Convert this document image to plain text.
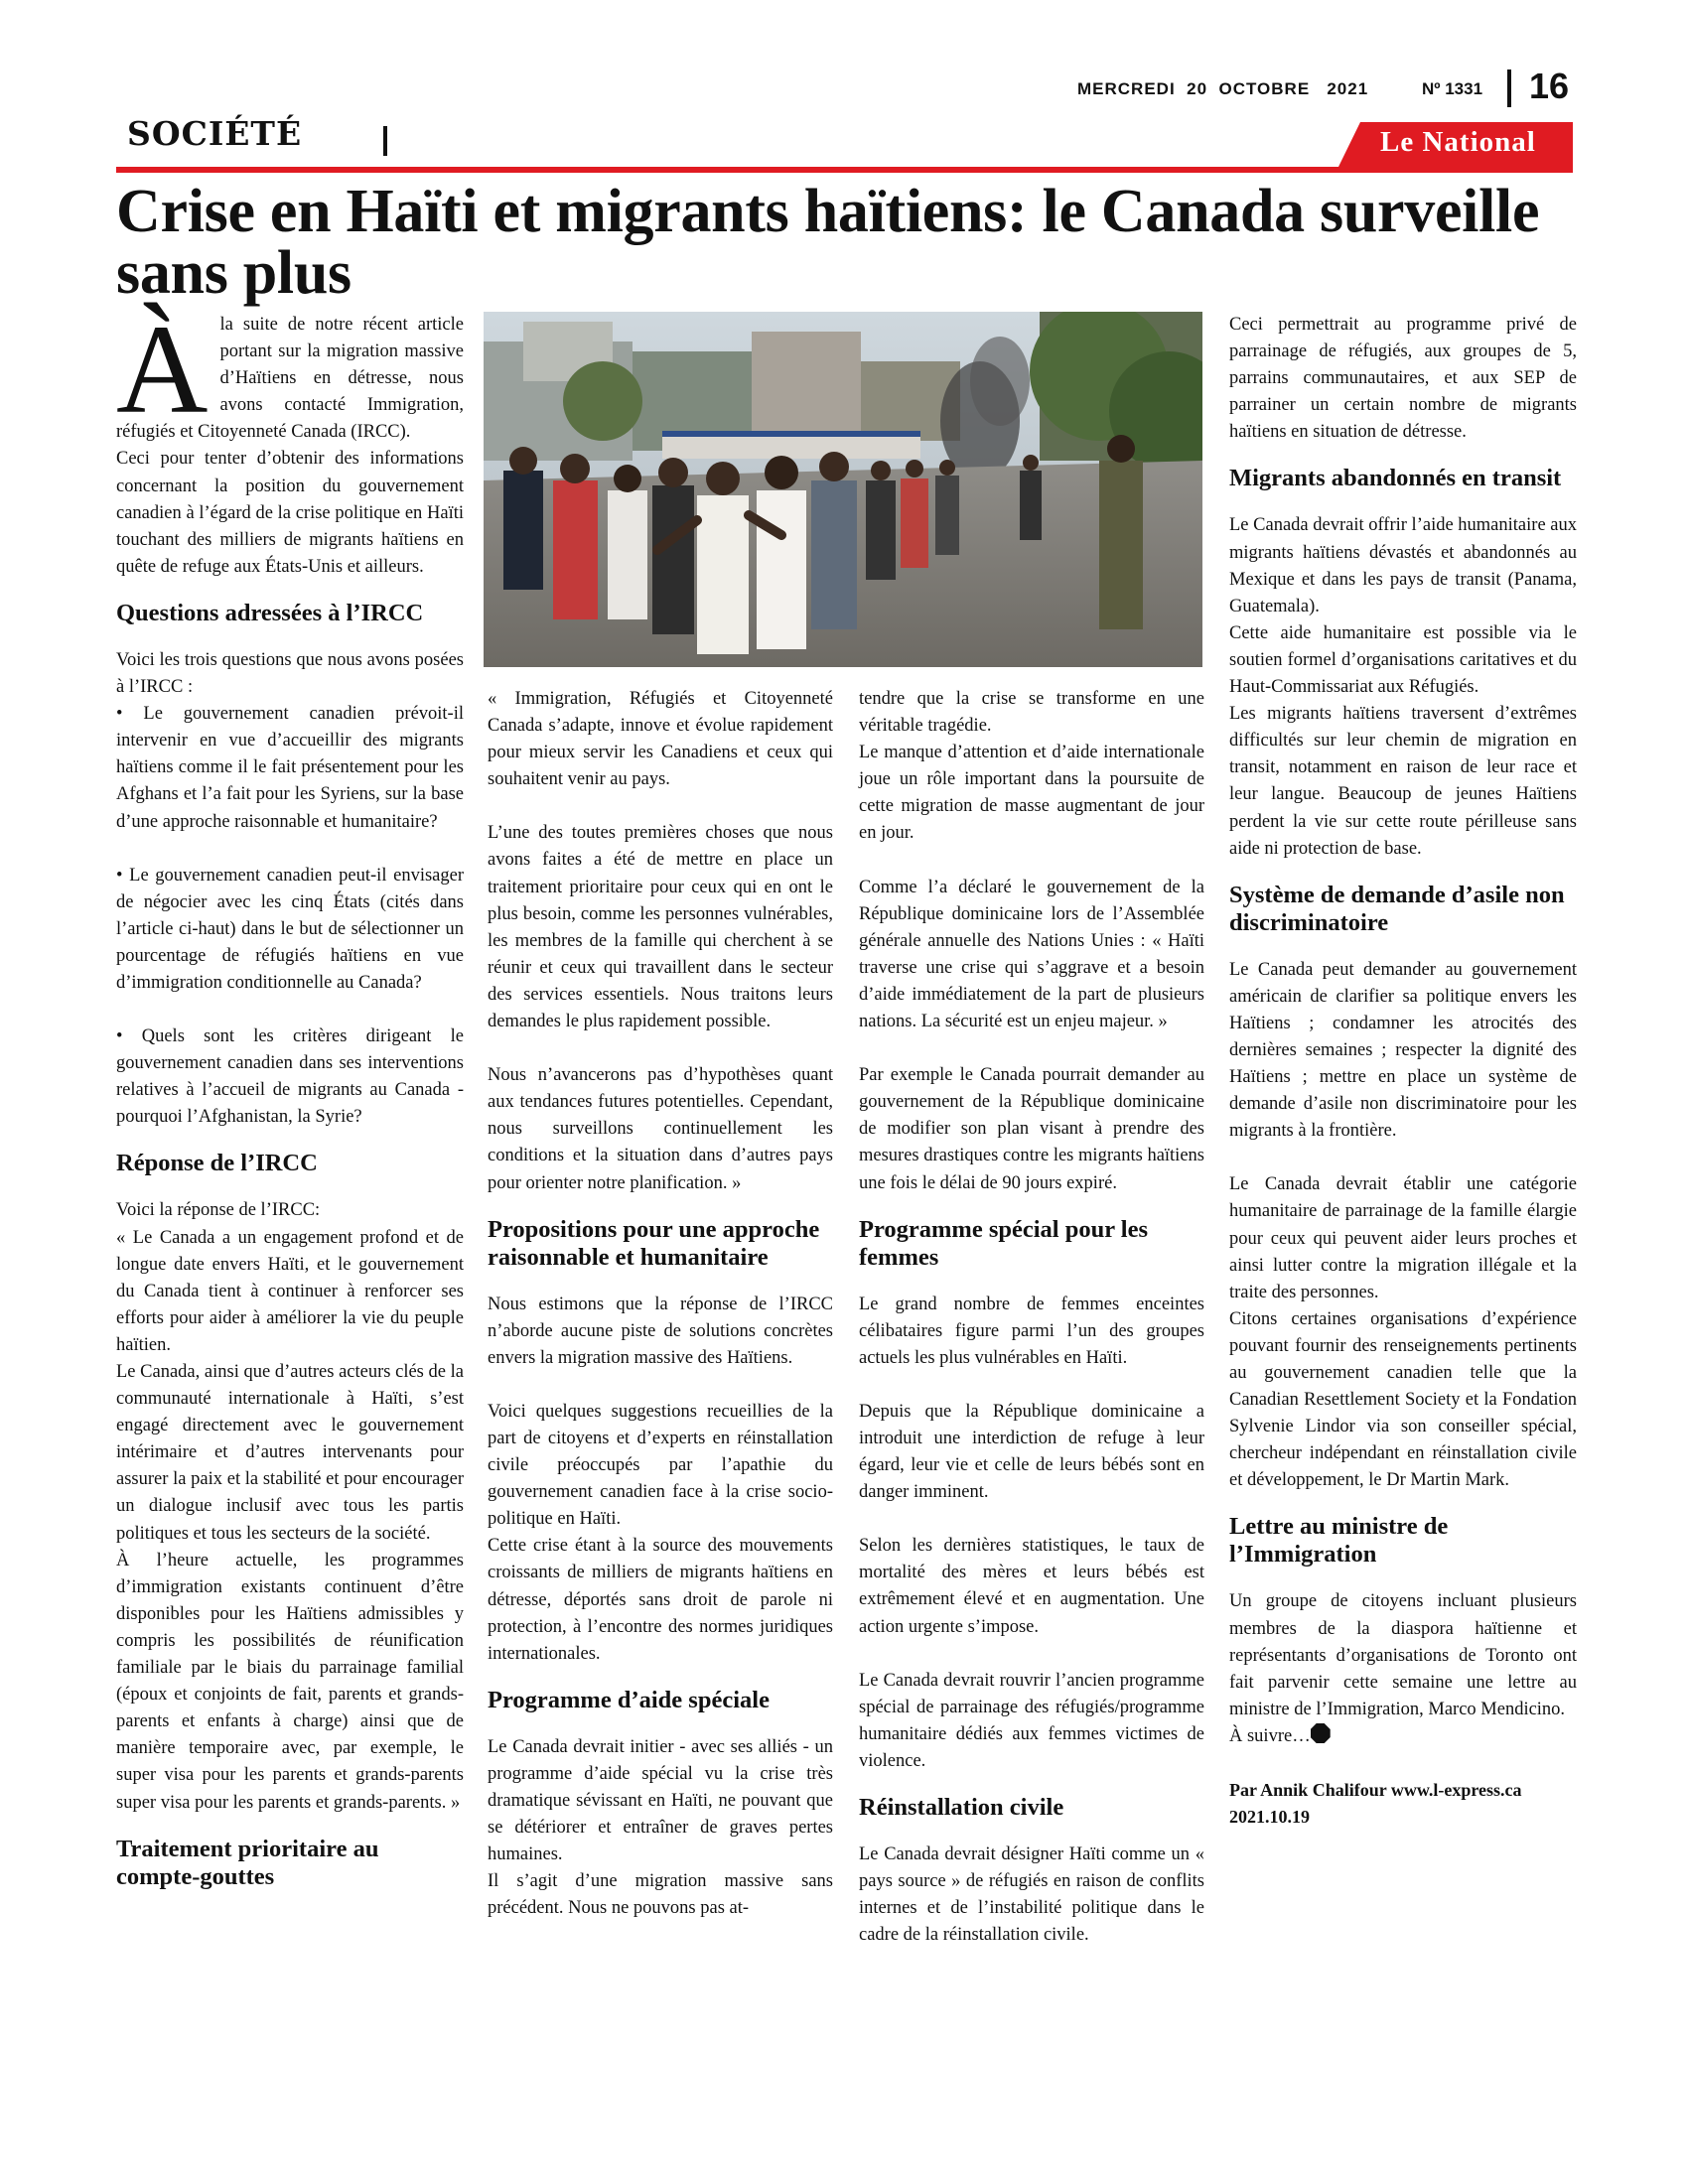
MERCREDI  20  OCTOBRE   2021	Nº 1331 16
SOCIÉTÉ	Le National
Crise en Haïti et migrants haïtiens: le Canada surveille sans plus

Àla suite de notre récent article portant sur la migration massive d’Haïtiens en détresse, nous avons contacté Immigration, réfugiés et Citoyenneté Canada (IRCC).

Ceci pour tenter d’obtenir des informations concernant la position du gouvernement canadien à l’égard de la crise politique en Haïti touchant des milliers de migrants haïtiens en quête de refuge aux États-Unis et ailleurs.

Questions adressées à l’IRCC

Voici les trois questions que nous avons posées à l’IRCC :

• Le gouvernement canadien prévoit-il intervenir en vue d’accueillir des migrants haïtiens comme il le fait présentement pour les Afghans et l’a fait pour les Syriens, sur la base d’une approche raisonnable et humanitaire?

• Le gouvernement canadien peut-il envisager de négocier avec les cinq États (cités dans l’article ci-haut) dans le but de sélectionner un pourcentage de réfugiés haïtiens en vue d’immigration conditionnelle au Canada?

• Quels sont les critères dirigeant le gouvernement canadien dans ses interventions relatives à l’accueil de migrants au Canada - pourquoi l’Afghanistan, la Syrie?

Réponse de l’IRCC

Voici la réponse de l’IRCC:

« Le Canada a un engagement profond et de longue date envers Haïti, et le gouvernement du Canada tient à continuer à renforcer ses efforts pour aider à améliorer la vie du peuple haïtien.

Le Canada, ainsi que d’autres acteurs clés de la communauté internationale à Haïti, s’est engagé directement avec le gouvernement intérimaire et d’autres intervenants pour assurer la paix et la stabilité et pour encourager un dialogue inclusif avec tous les partis politiques et tous les secteurs de la société.

À l’heure actuelle, les programmes d’immigration existants continuent d’être disponibles pour les Haïtiens admissibles y compris les possibilités de réunification familiale par le biais du parrainage familial (époux et conjoints de fait, parents et grands-parents et enfants à charge) ainsi que de manière temporaire avec, par exemple, le super visa pour les parents et grands-parents super visa pour les parents et grands-parents. »

Traitement prioritaire au compte-gouttes

« Immigration, Réfugiés et Citoyenneté Canada s’adapte, innove et évolue rapidement pour mieux servir les Canadiens et ceux qui souhaitent venir au pays.

L’une des toutes premières choses que nous avons faites a été de mettre en place un traitement prioritaire pour ceux qui en ont le plus besoin, comme les personnes vulnérables, les membres de la famille qui cherchent à se réunir et ceux qui travaillent dans le secteur des services essentiels. Nous traitons leurs demandes le plus rapidement possible.

Nous n’avancerons pas d’hypothèses quant aux tendances futures potentielles. Cependant, nous surveillons continuellement les conditions et la situation dans d’autres pays pour orienter notre planification. »

Propositions pour une approche raisonnable et humanitaire

Nous estimons que la réponse de l’IRCC n’aborde aucune piste de solutions concrètes envers la migration massive des Haïtiens.

Voici quelques suggestions recueillies de la part de citoyens et d’experts en réinstallation civile préoccupés par l’apathie du gouvernement canadien face à la crise socio-politique en Haïti.

Cette crise étant à la source des mouvements croissants de milliers de migrants haïtiens en détresse, déportés sans droit de parole ni protection, à l’encontre des normes juridiques internationales.

Programme d’aide spéciale

Le Canada devrait initier - avec ses alliés - un programme d’aide spécial vu la crise très dramatique sévissant en Haïti, ne pouvant que se détériorer et entraîner de graves pertes humaines.

Il s’agit d’une migration massive sans précédent. Nous ne pouvons pas at-

tendre que la crise se transforme en une véritable tragédie.

Le manque d’attention et d’aide internationale joue un rôle important dans la poursuite de cette migration de masse augmentant de jour en jour.

Comme l’a déclaré le gouvernement de la République dominicaine lors de l’Assemblée générale annuelle des Nations Unies : « Haïti traverse une crise qui s’aggrave et a besoin d’aide immédiatement de la part de plusieurs nations. La sécurité est un enjeu majeur. »

Par exemple le Canada pourrait demander au gouvernement de la République dominicaine de modifier son plan visant à prendre des mesures drastiques contre les migrants haïtiens une fois le délai de 90 jours expiré.

Programme spécial pour les femmes

Le grand nombre de femmes enceintes célibataires figure parmi l’un des groupes actuels les plus vulnérables en Haïti.

Depuis que la République dominicaine a introduit une interdiction de refuge à leur égard, leur vie et celle de leurs bébés sont en danger imminent.

Selon les dernières statistiques, le taux de mortalité des mères et leurs bébés est extrêmement élevé et en augmentation. Une action urgente s’impose.

Le Canada devrait rouvrir l’ancien programme spécial de parrainage des réfugiés/programme humanitaire dédiés aux femmes victimes de violence.

Réinstallation civile

Le Canada devrait désigner Haïti comme un « pays source » de réfugiés en raison de conflits internes et de l’instabilité politique dans le cadre de la réinstallation civile.

Ceci permettrait au programme privé de parrainage de réfugiés, aux groupes de 5, parrains communautaires, et aux SEP de parrainer un certain nombre de migrants haïtiens en situation de détresse.

Migrants abandonnés en transit

Le Canada devrait offrir l’aide humanitaire aux migrants haïtiens dévastés et abandonnés au Mexique et dans les pays de transit (Panama, Guatemala).

Cette aide humanitaire est possible via le soutien formel d’organisations caritatives et du Haut-Commissariat aux Réfugiés.

Les migrants haïtiens traversent d’extrêmes difficultés sur leur chemin de migration en transit, notamment en raison de leur race et leur langue. Beaucoup de jeunes Haïtiens perdent la vie sur cette route périlleuse sans aide ni protection de base.

Système de demande d’asile non discriminatoire

Le Canada peut demander au gouvernement américain de clarifier sa politique envers les Haïtiens ; condamner les atrocités des dernières semaines ; respecter la dignité des Haïtiens ; mettre en place un système de demande d’asile non discriminatoire pour les migrants à la frontière.

Le Canada devrait établir une catégorie humanitaire de parrainage de la famille élargie pour ceux qui peuvent aider leurs proches et ainsi lutter contre la migration illégale et la traite des personnes.

Citons certaines organisations d’expérience pouvant fournir des renseignements pertinents au gouvernement canadien telle que la Canadian Resettlement Society et la Fondation Sylvenie Lindor via son conseiller spécial, chercheur indépendant en réinstallation civile et développement, le Dr Martin Mark.

Lettre au ministre de l’Immigration

Un groupe de citoyens incluant plusieurs membres de la diaspora haïtienne et représentants d’organisations de Toronto ont fait parvenir cette semaine une lettre au ministre de l’Immigration, Marco Mendicino.

À suivre…

Par Annik Chalifour www.l-express.ca
2021.10.19
